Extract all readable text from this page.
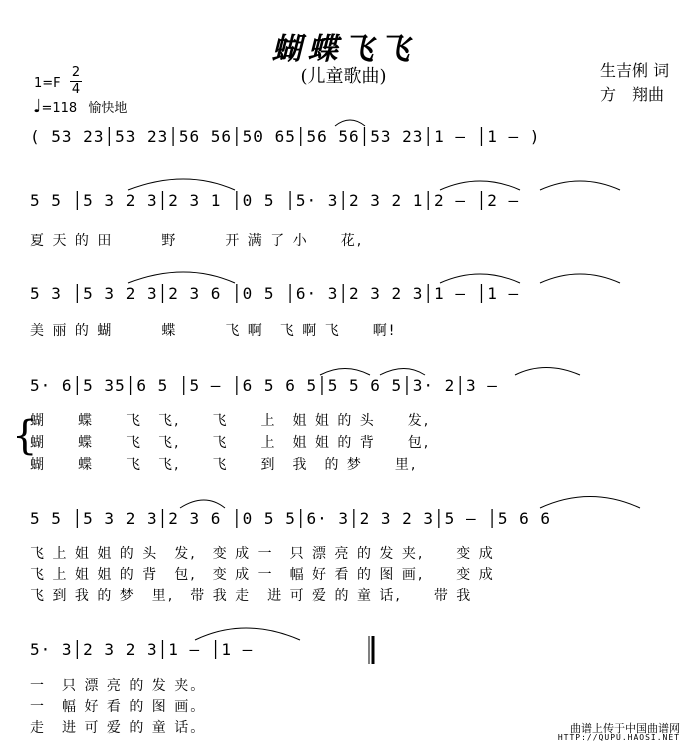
蝴蝶飞飞
(儿童歌曲)	生吉俐 词
方　翔曲
1=F
2
4
♩=118 愉快地
( 53 23│53 23│56 56│50 65│56 56│53 23│1 – │1 – )
5 5 │5 3 2 3│2 3 1 │0 5 │5· 3│2 3 2 1│2 – │2 –
夏 天 的 田　　　野　　　开 满 了 小　　花,
5 3 │5 3 2 3│2 3 6 │0 5 │6· 3│2 3 2 3│1 – │1 –
美 丽 的 蝴　　　蝶　　　飞 啊　飞 啊 飞　　啊!
5· 6│5 35│6 5 │5 – │6 5 6 5│5 5 6 5│3· 2│3 –
{
蝴　　蝶　　飞　飞,　　飞　　上　姐 姐 的 头　　发,
蝴　　蝶　　飞　飞,　　飞　　上　姐 姐 的 背　　包,
蝴　　蝶　　飞　飞,　　飞　　到　我　的 梦　　里,
5 5 │5 3 2 3│2 3 6 │0 5 5│6· 3│2 3 2 3│5 – │5 6 6
飞 上 姐 姐 的 头　发,　变 成 一　只 漂 亮 的 发 夹,　　变 成
飞 上 姐 姐 的 背　包,　变 成 一　幅 好 看 的 图 画,　　变 成
飞 到 我 的 梦　里,　带 我 走　进 可 爱 的 童 话,　　带 我
5· 3│2 3 2 3│1 – │1 –
一　只 漂 亮 的 发 夹。
一　幅 好 看 的 图 画。
走　进 可 爱 的 童 话。	曲谱上传于中国曲谱网
HTTP://QUPU.HAOSI.NET
